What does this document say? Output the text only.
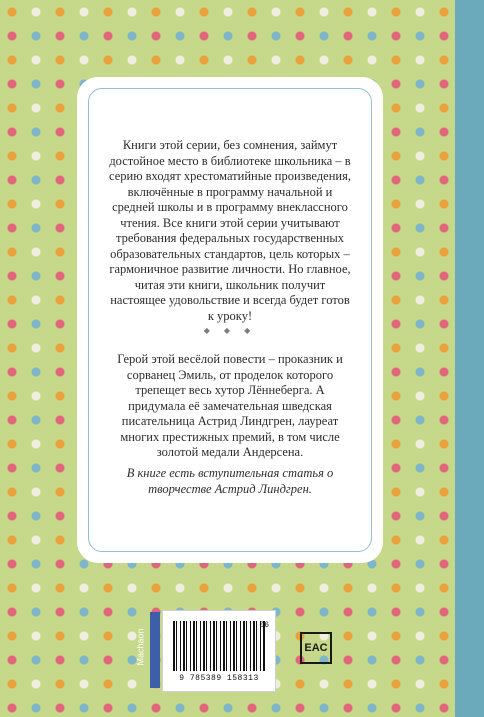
Книги этой серии, без сомнения, займут достойное место в библиотеке школьника – в серию входят хрестоматийные произведения, включённые в программу начальной и средней школы и в программу внеклассного чтения. Все книги этой серии учитывают требования федеральных государственных образовательных стандартов, цель которых – гармоничное развитие личности. Но главное, читая эти книги, школьник получит настоящее удовольствие и всегда будет готов к уроку!
◆ ◆ ◆
Герой этой весёлой повести – проказник и сорванец Эмиль, от проделок которого трепещет весь хутор Лённеберга. А придумала её замечательная шведская писательница Астрид Линдгрен, лауреат многих престижных премий, в том числе золотой медали Андерсена.
В книге есть вступительная статья о творчестве Астрид Линдгрен.
Machaon
06
9 785389 158313
EAC
